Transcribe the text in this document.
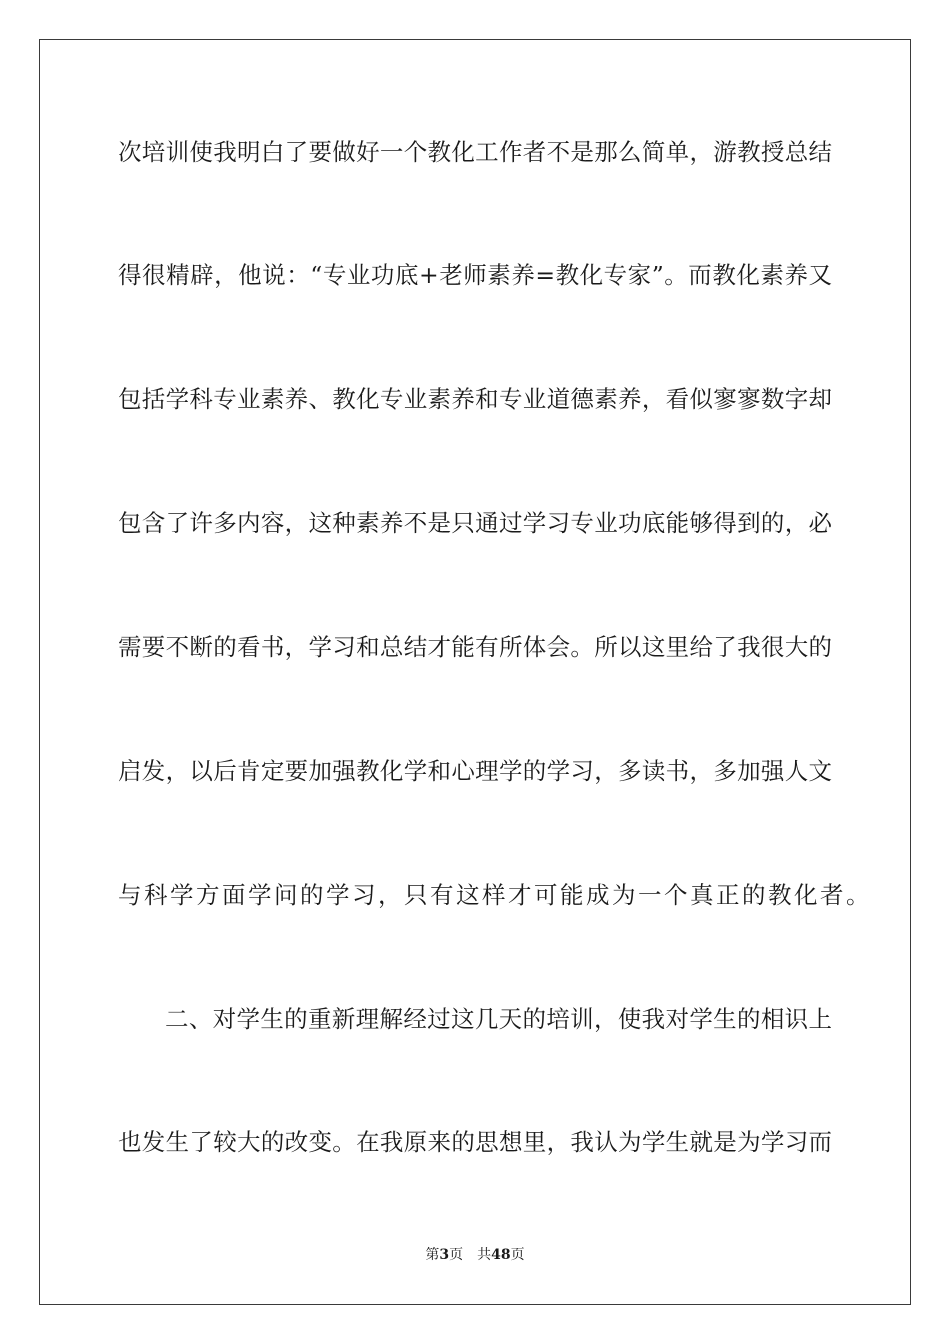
次培训使我明白了要做好一个教化工作者不是那么简单，游教授总结
得很精辟，他说：“专业功底+老师素养=教化专家”。而教化素养又
包括学科专业素养、教化专业素养和专业道德素养，看似寥寥数字却
包含了许多内容，这种素养不是只通过学习专业功底能够得到的，必
需要不断的看书，学习和总结才能有所体会。所以这里给了我很大的
启发，以后肯定要加强教化学和心理学的学习，多读书，多加强人文
与科学方面学问的学习，只有这样才可能成为一个真正的教化者。
二、对学生的重新理解经过这几天的培训，使我对学生的相识上
也发生了较大的改变。在我原来的思想里，我认为学生就是为学习而
第3页 共48页
